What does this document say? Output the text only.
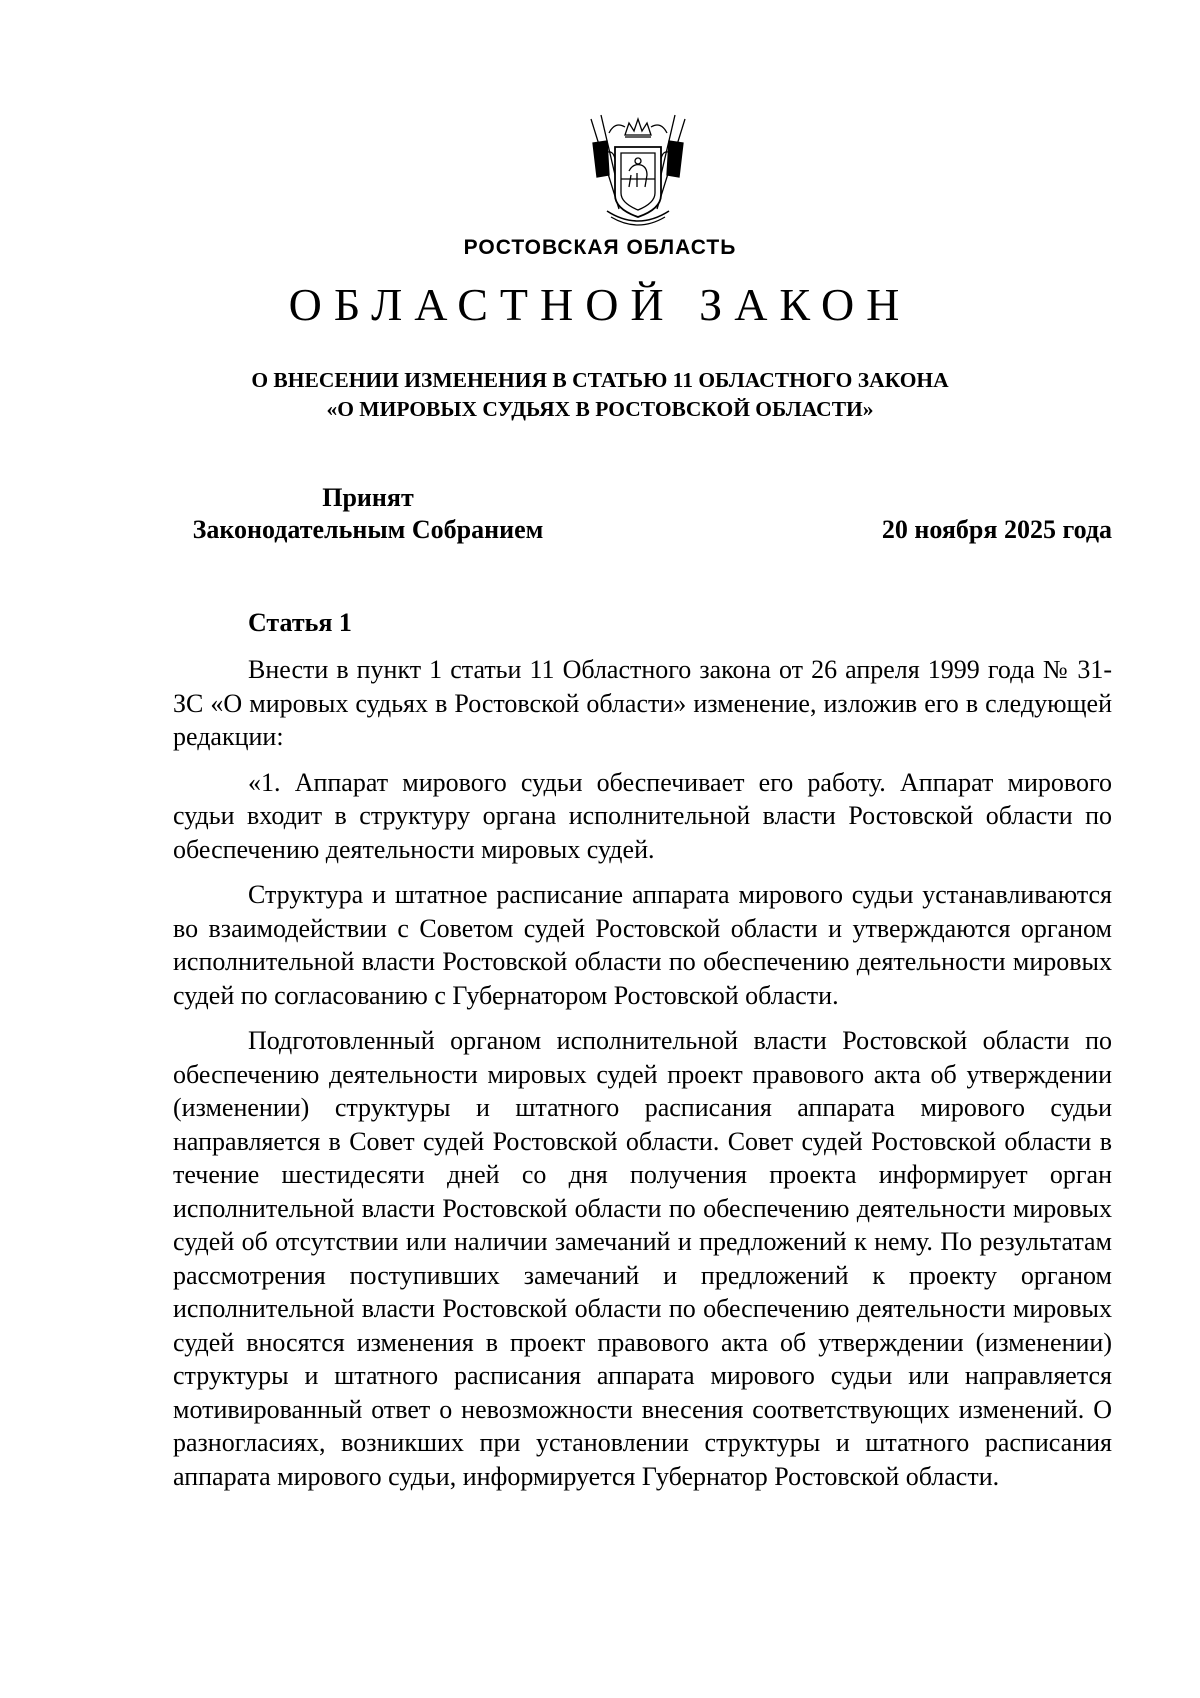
РОСТОВСКАЯ ОБЛАСТЬ
ОБЛАСТНОЙ ЗАКОН
О ВНЕСЕНИИ ИЗМЕНЕНИЯ В СТАТЬЮ 11 ОБЛАСТНОГО ЗАКОНА
«О МИРОВЫХ СУДЬЯХ В РОСТОВСКОЙ ОБЛАСТИ»
Принят
Законодательным Собранием	20 ноября 2025 года
Статья 1

Внести в пункт 1 статьи 11 Областного закона от 26 апреля 1999 года № 31-ЗС «О мировых судьях в Ростовской области» изменение, изложив его в следующей редакции:

«1. Аппарат мирового судьи обеспечивает его работу. Аппарат мирового судьи входит в структуру органа исполнительной власти Ростовской области по обеспечению деятельности мировых судей.

Структура и штатное расписание аппарата мирового судьи устанавливаются во взаимодействии с Советом судей Ростовской области и утверждаются органом исполнительной власти Ростовской области по обеспечению деятельности мировых судей по согласованию с Губернатором Ростовской области.

Подготовленный органом исполнительной власти Ростовской области по обеспечению деятельности мировых судей проект правового акта об утверждении (изменении) структуры и штатного расписания аппарата мирового судьи направляется в Совет судей Ростовской области. Совет судей Ростовской области в течение шестидесяти дней со дня получения проекта информирует орган исполнительной власти Ростовской области по обеспечению деятельности мировых судей об отсутствии или наличии замечаний и предложений к нему. По результатам рассмотрения поступивших замечаний и предложений к проекту органом исполнительной власти Ростовской области по обеспечению деятельности мировых судей вносятся изменения в проект правового акта об утверждении (изменении) структуры и штатного расписания аппарата мирового судьи или направляется мотивированный ответ о невозможности внесения соответствующих изменений. О разногласиях, возникших при установлении структуры и штатного расписания аппарата мирового судьи, информируется Губернатор Ростовской области.
